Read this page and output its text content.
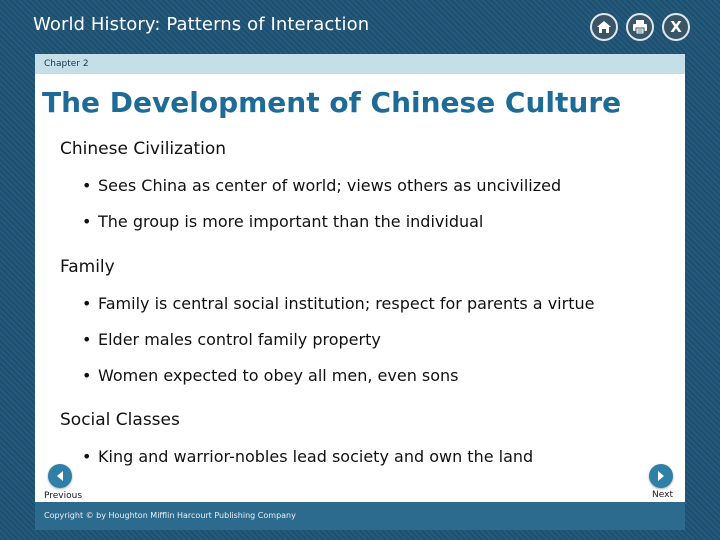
World History: Patterns of Interaction	X
Chapter 2
The Development of Chinese Culture
Chinese Civilization
• Sees China as center of world; views others as uncivilized
• The group is more important than the individual
Family
• Family is central social institution; respect for parents a virtue
• Elder males control family property
• Women expected to obey all men, even sons
Social Classes
• King and warrior-nobles lead society and own the land
Previous	Next
Copyright © by Houghton Mifflin Harcourt Publishing Company
